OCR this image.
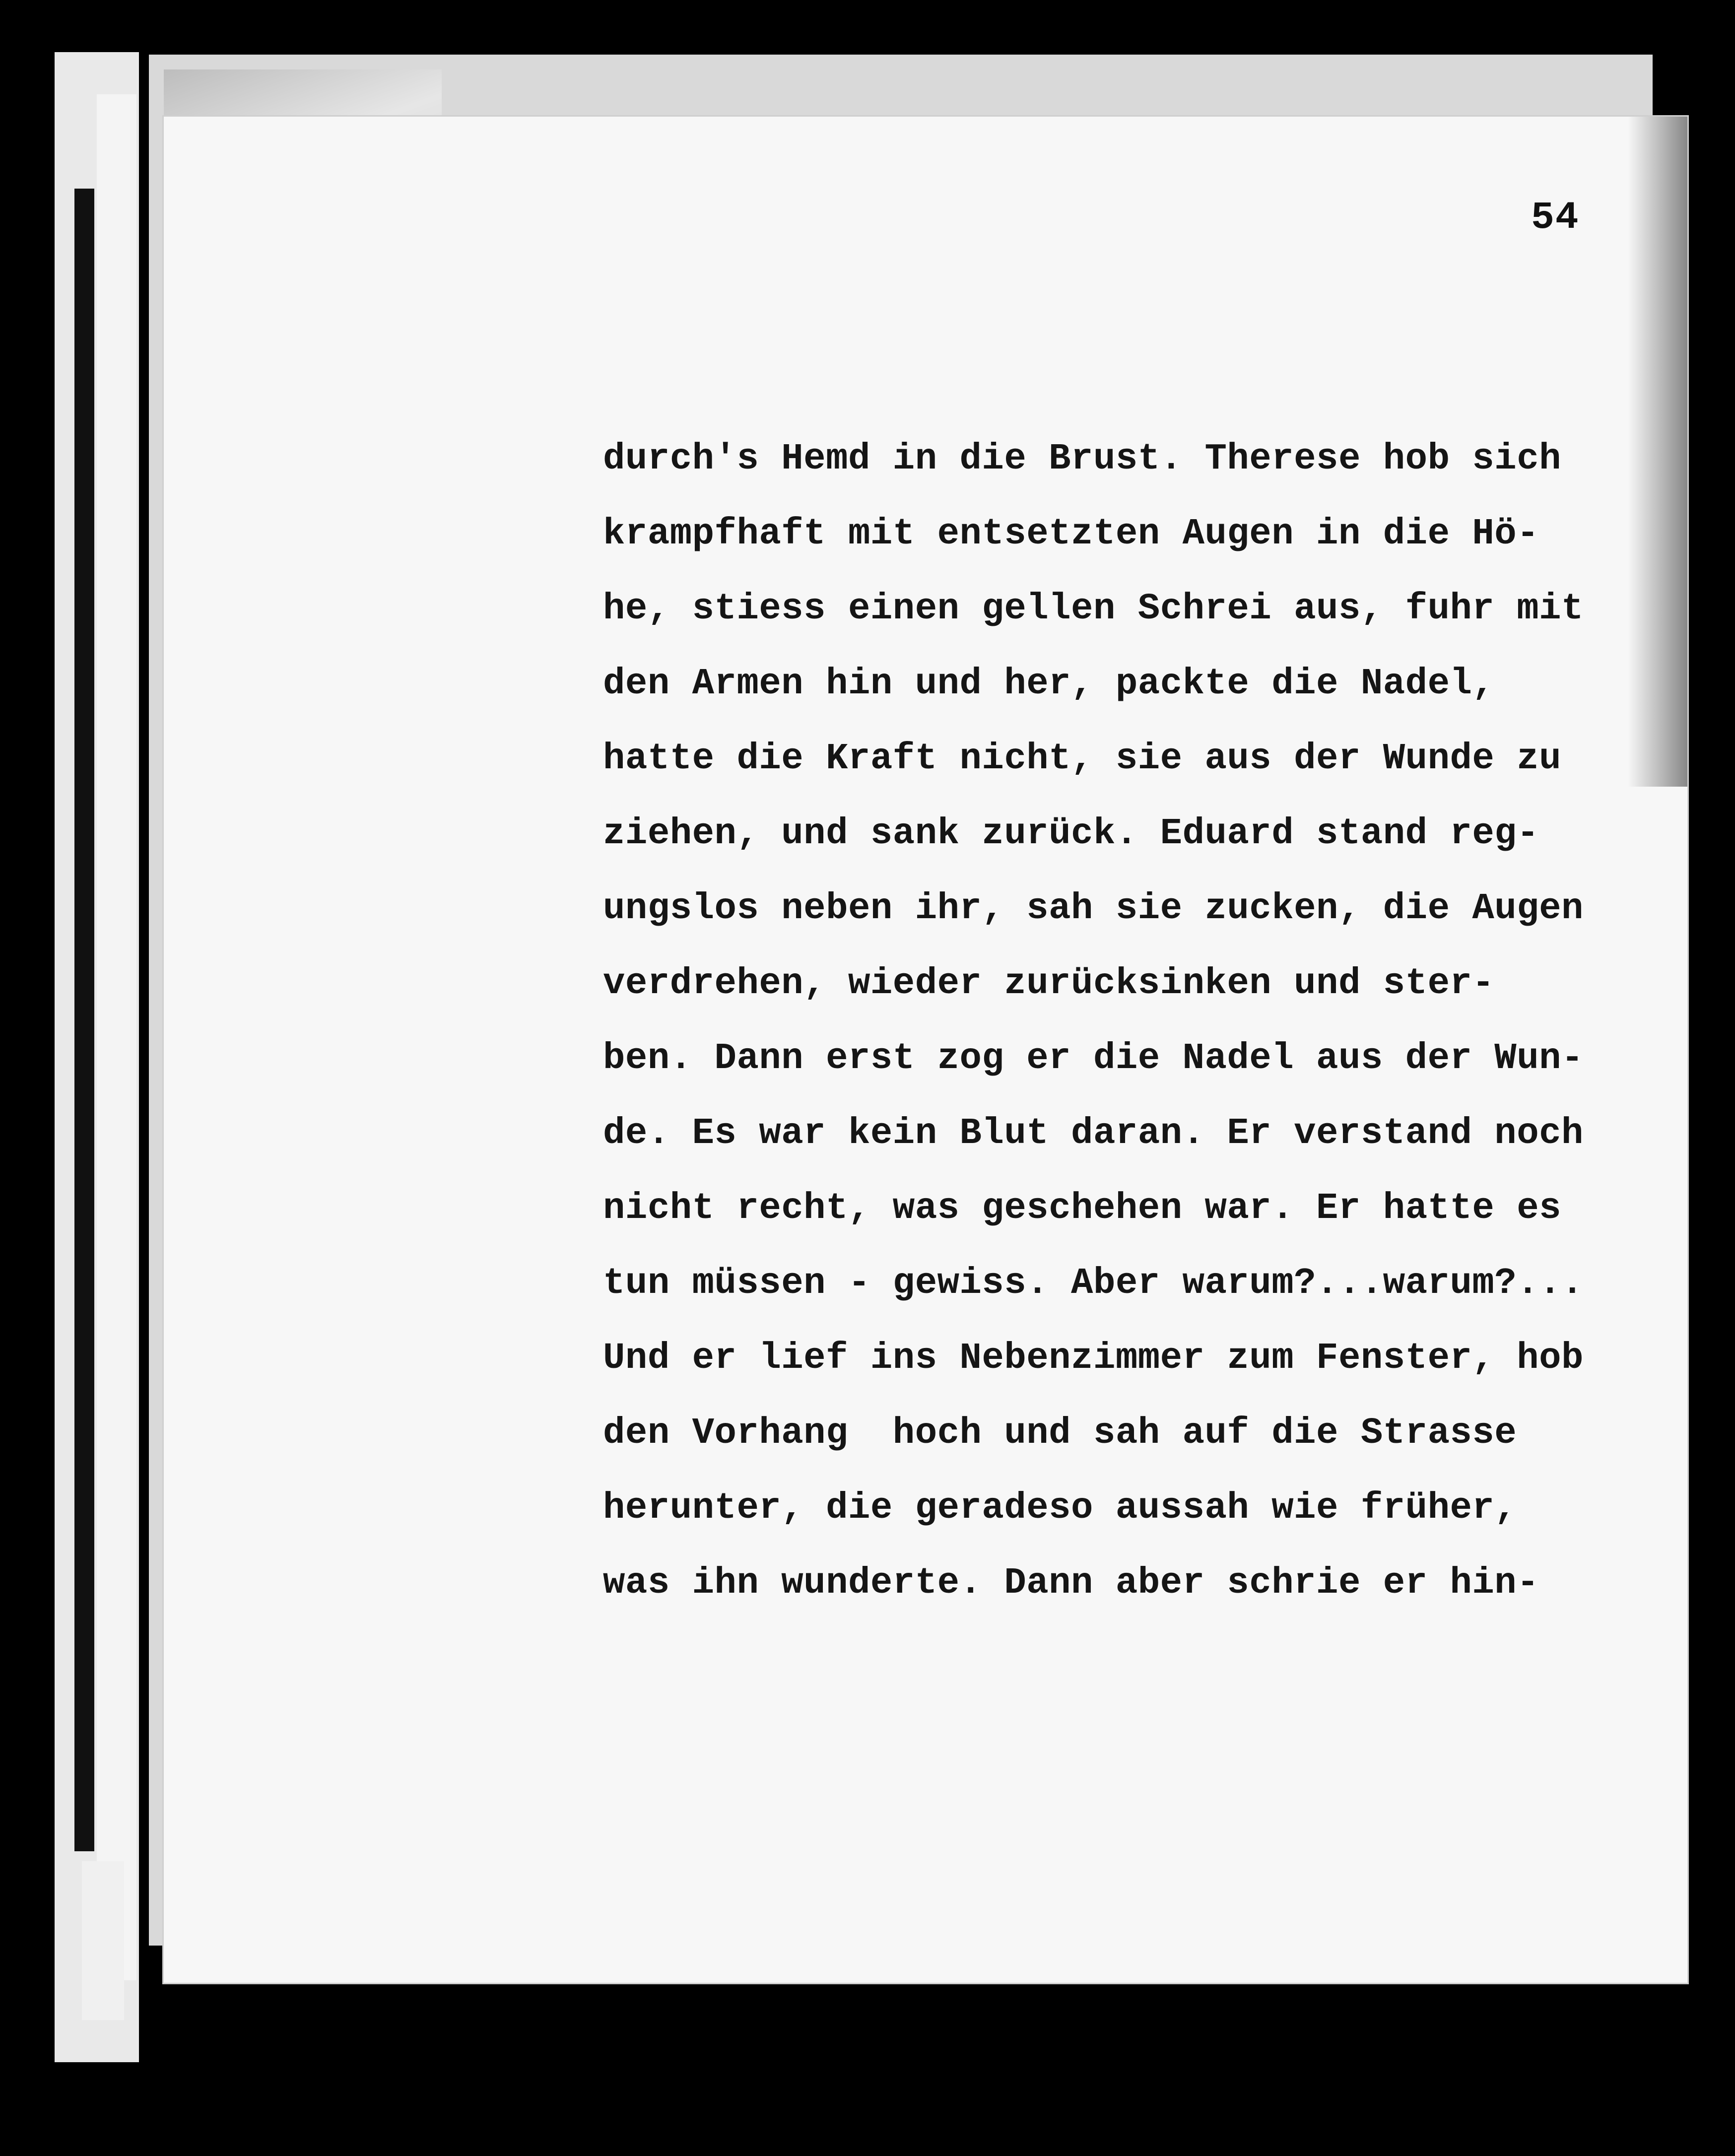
54
durch's Hemd in die Brust. Therese hob sich
krampfhaft mit entsetzten Augen in die Hö-
he, stiess einen gellen Schrei aus, fuhr mit
den Armen hin und her, packte die Nadel,
hatte die Kraft nicht, sie aus der Wunde zu
ziehen, und sank zurück. Eduard stand reg-
ungslos neben ihr, sah sie zucken, die Augen
verdrehen, wieder zurücksinken und ster-
ben. Dann erst zog er die Nadel aus der Wun-
de. Es war kein Blut daran. Er verstand noch
nicht recht, was geschehen war. Er hatte es
tun müssen - gewiss. Aber warum?...warum?...
Und er lief ins Nebenzimmer zum Fenster, hob
den Vorhang  hoch und sah auf die Strasse
herunter, die geradeso aussah wie früher,
was ihn wunderte. Dann aber schrie er hin-
